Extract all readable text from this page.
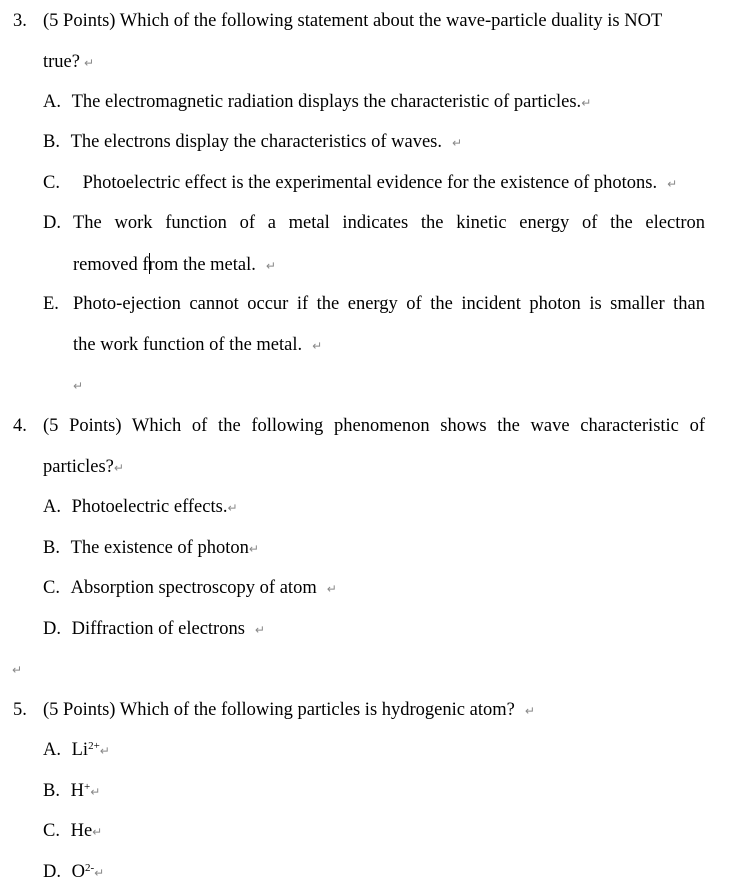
3. (5 Points) Which of the following statement about the wave-particle duality is NOT
true? ↵
A. The electromagnetic radiation displays the characteristic of particles.↵
B. The electrons display the characteristics of waves. ↵
C. Photoelectric effect is the experimental evidence for the existence of photons. ↵
D. The work function of a metal indicates the kinetic energy of the electron
removed from the metal. ↵
E. Photo-ejection cannot occur if the energy of the incident photon is smaller than
the work function of the metal. ↵
↵
4. (5 Points) Which of the following phenomenon shows the wave characteristic of
particles?↵
A. Photoelectric effects.↵
B. The existence of photon↵
C. Absorption spectroscopy of atom ↵
D. Diffraction of electrons ↵
↵
5. (5 Points) Which of the following particles is hydrogenic atom? ↵
A. $Li^{2+}↵$
B. H+↵
C. He↵
D. $O^{2-}↵$
